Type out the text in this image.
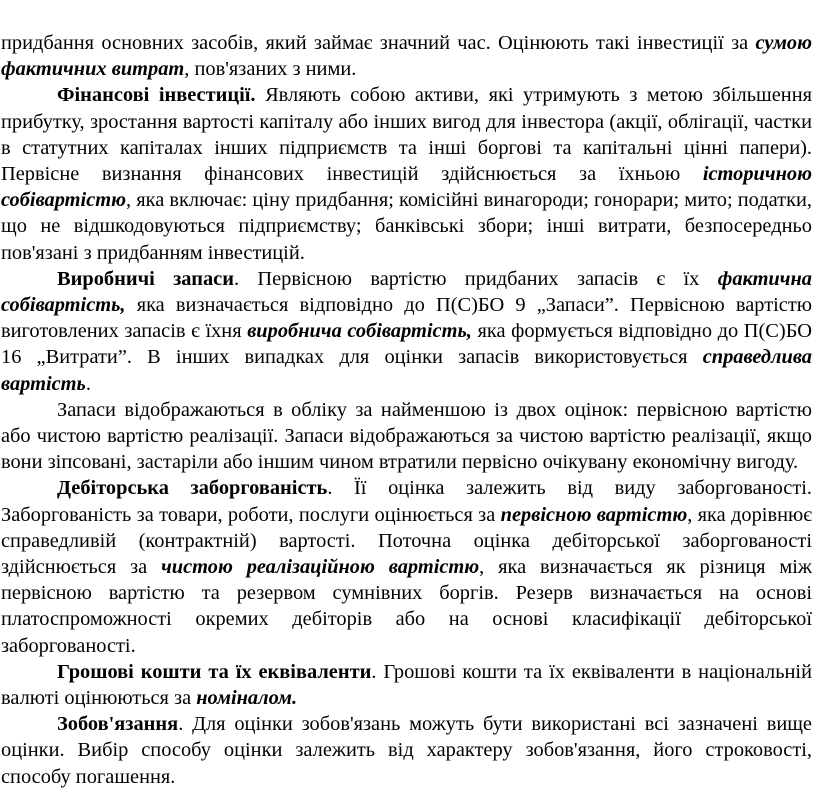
придбання основних засобів, який займає значний час. Оцінюють такі інвестиції за сумою фактичних витрат, пов'язаних з ними.

Фінансові інвестиції. Являють собою активи, які утримують з метою збільшення прибутку, зростання вартості капіталу або інших вигод для інвестора (акції, облігації, частки в статутних капіталах інших підприємств та інші боргові та капітальні цінні папери). Первісне визнання фінансових інвестицій здійснюється за їхньою історичною собівартістю, яка включає: ціну придбання; комісійні винагороди; гонорари; мито; податки, що не відшкодовуються підприємству; банківські збори; інші витрати, безпосередньо пов'язані з придбанням інвестицій.

Виробничі запаси. Первісною вартістю придбаних запасів є їх фактична собівартість, яка визначається відповідно до П(С)БО 9 „Запаси”. Первісною вартістю виготовлених запасів є їхня виробнича собівартість, яка формується відповідно до П(С)БО 16 „Витрати”. В інших випадках для оцінки запасів використовується справедлива вартість.

Запаси відображаються в обліку за найменшою із двох оцінок: первісною вартістю або чистою вартістю реалізації. Запаси відображаються за чистою вартістю реалізації, якщо вони зіпсовані, застаріли або іншим чином втратили первісно очікувану економічну вигоду.

Дебіторська заборгованість. Її оцінка залежить від виду заборгованості. Заборгованість за товари, роботи, послуги оцінюється за первісною вартістю, яка дорівнює справедливій (контрактній) вартості. Поточна оцінка дебіторської заборгованості здійснюється за чистою реалізаційною вартістю, яка визначається як різниця між первісною вартістю та резервом сумнівних боргів. Резерв визначається на основі платоспроможності окремих дебіторів або на основі класифікації дебіторської заборгованості.

Грошові кошти та їх еквіваленти. Грошові кошти та їх еквіваленти в національній валюті оцінюються за номіналом.

Зобов'язання. Для оцінки зобов'язань можуть бути використані всі зазначені вище оцінки. Вибір способу оцінки залежить від характеру зобов'язання, його строковості, способу погашення.
